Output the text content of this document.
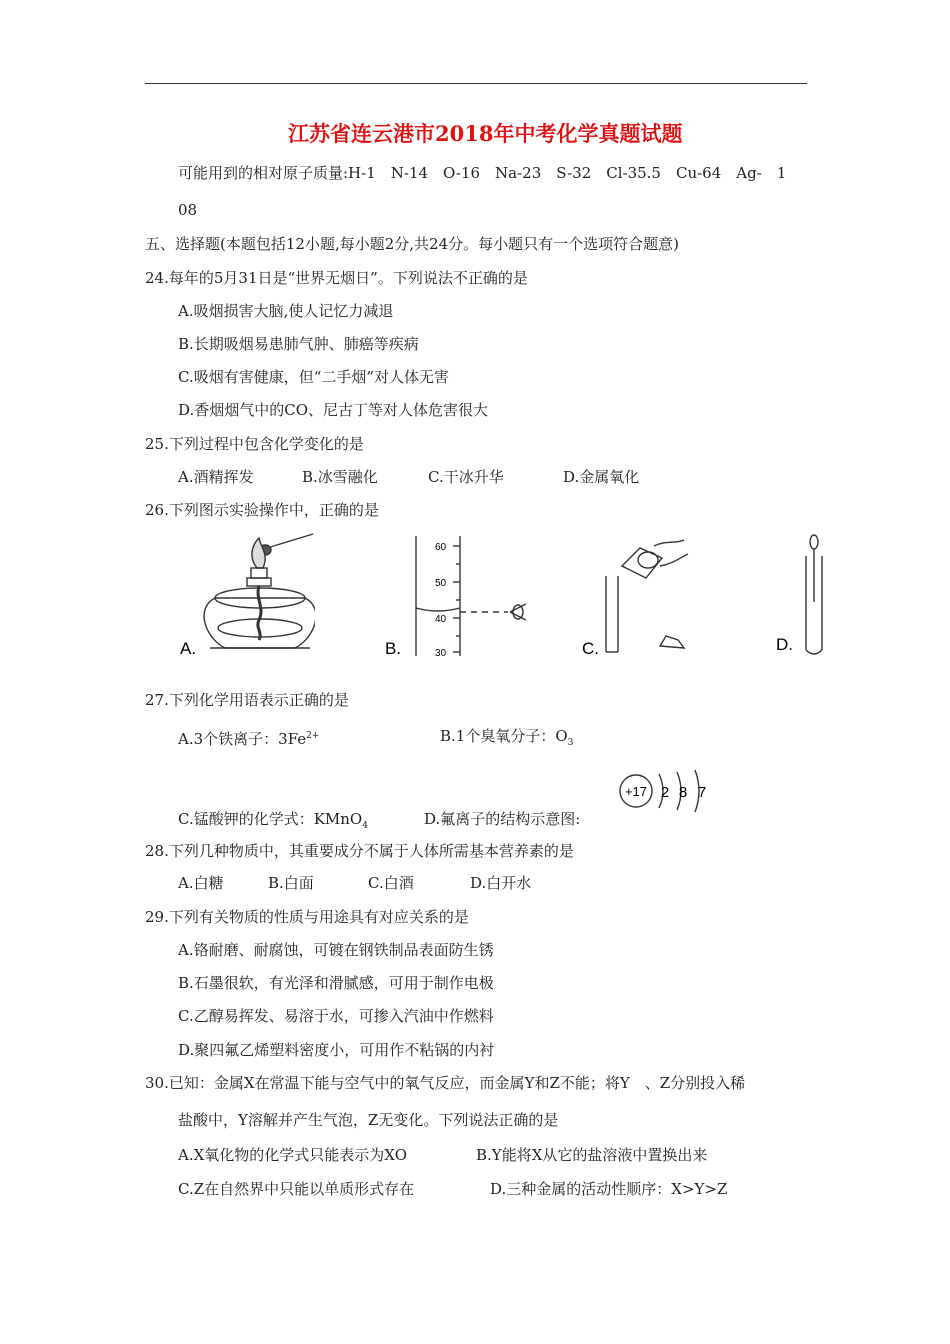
江苏省连云港市2018年中考化学真题试题
可能用到的相对原子质量:H-1　N-14　O-16　Na-23　S-32　Cl-35.5　Cu-64　Ag-　1
08
五、选择题(本题包括12小题,每小题2分,共24分。每小题只有一个选项符合题意)
24.每年的5月31日是“世界无烟日”。下列说法不正确的是
A.吸烟损害大脑,使人记忆力减退
B.长期吸烟易患肺气肿、肺癌等疾病
C.吸烟有害健康，但“二手烟”对人体无害
D.香烟烟气中的CO、尼古丁等对人体危害很大
25.下列过程中包含化学变化的是
A.酒精挥发	B.冰雪融化	C.干冰升华	D.金属氧化
26.下列图示实验操作中，正确的是
A.
60
50
40
30
B.	C.	D.
27.下列化学用语表示正确的是
A.3个铁离子：$3Fe^{2+}$	B.1个臭氧分子：$O_3$
+17 2 8 7
C.锰酸钾的化学式：KMnO$_4$	D.氟离子的结构示意图:
28.下列几种物质中，其重要成分不属于人体所需基本营养素的是
A.白糖	B.白面	C.白酒	D.白开水
29.下列有关物质的性质与用途具有对应关系的是
A.铬耐磨、耐腐蚀，可镀在钢铁制品表面防生锈
B.石墨很软，有光泽和滑腻感，可用于制作电极
C.乙醇易挥发、易溶于水，可掺入汽油中作燃料
D.聚四氟乙烯塑料密度小，可用作不粘锅的内衬
30.已知：金属X在常温下能与空气中的氧气反应，而金属Y和Z不能；将Y　、Z分别投入稀
盐酸中，Y溶解并产生气泡，Z无变化。下列说法正确的是
A.X氧化物的化学式只能表示为XO	B.Y能将X从它的盐溶液中置换出来
C.Z在自然界中只能以单质形式存在	D.三种金属的活动性顺序：X>Y>Z
